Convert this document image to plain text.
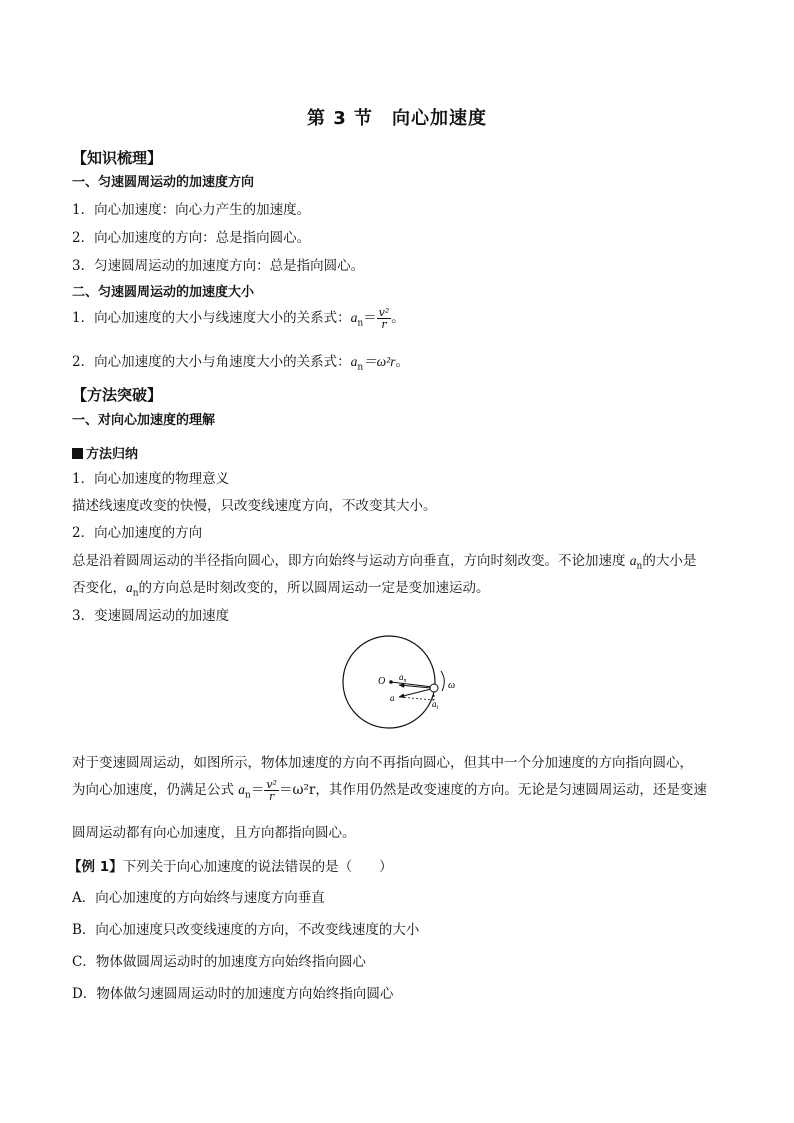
第 3 节　向心加速度
【知识梳理】
一、匀速圆周运动的加速度方向
1．向心加速度：向心力产生的加速度。
2．向心加速度的方向：总是指向圆心。
3．匀速圆周运动的加速度方向：总是指向圆心。
二、匀速圆周运动的加速度大小
1．向心加速度的大小与线速度大小的关系式：$a_n= \frac{\text{v²}}{r}$ 。
2．向心加速度的大小与角速度大小的关系式：$a_n=\omega^2r$。
【方法突破】
一、对向心加速度的理解
方法归纳
1．向心加速度的物理意义
描述线速度改变的快慢，只改变线速度方向，不改变其大小。
2．向心加速度的方向
总是沿着圆周运动的半径指向圆心，即方向始终与运动方向垂直，方向时刻改变。不论加速度 $a_n$的大小是
否变化，$a_n$的方向总是时刻改变的，所以圆周运动一定是变加速运动。
3．变速圆周运动的加速度
O $a_n$
a
$a_t$
ω
对于变速圆周运动，如图所示，物体加速度的方向不再指向圆心，但其中一个分加速度的方向指向圆心，
为向心加速度，仍满足公式 $a_n= \frac{\text{v²}}{r} =\omega^2r$，其作用仍然是改变速度的方向。无论是匀速圆周运动，还是变速
圆周运动都有向心加速度，且方向都指向圆心。
【例 1】下列关于向心加速度的说法错误的是（　　）
A．向心加速度的方向始终与速度方向垂直
B．向心加速度只改变线速度的方向，不改变线速度的大小
C．物体做圆周运动时的加速度方向始终指向圆心
D．物体做匀速圆周运动时的加速度方向始终指向圆心
